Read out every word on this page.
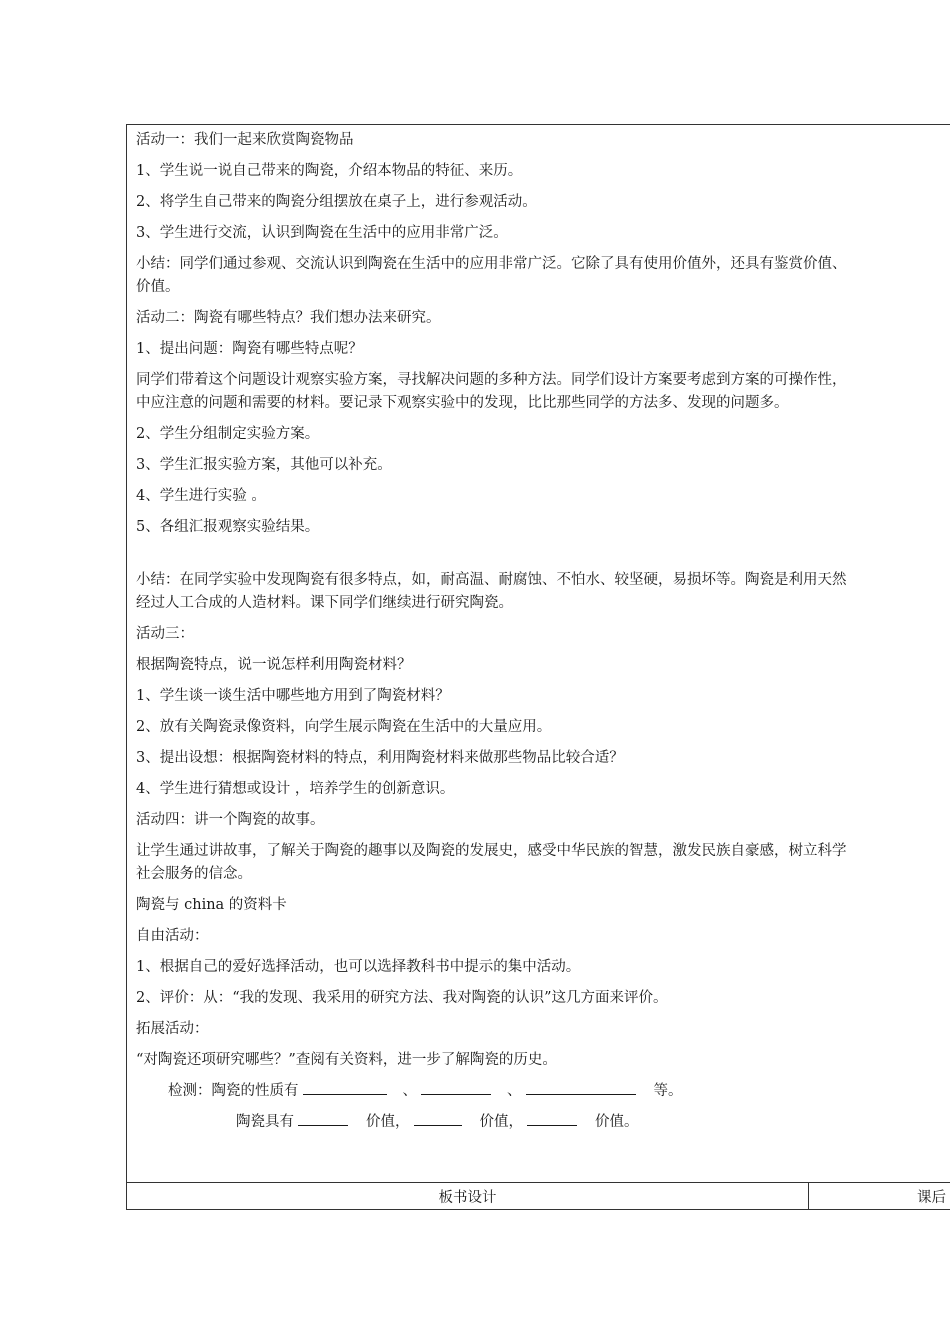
活动一：我们一起来欣赏陶瓷物品

1、学生说一说自己带来的陶瓷，介绍本物品的特征、来历。

2、将学生自己带来的陶瓷分组摆放在桌子上，进行参观活动。

3、学生进行交流，认识到陶瓷在生活中的应用非常广泛。

小结：同学们通过参观、交流认识到陶瓷在生活中的应用非常广泛。它除了具有使用价值外，还具有鉴赏价值、

价值。

活动二：陶瓷有哪些特点？我们想办法来研究。

1、提出问题：陶瓷有哪些特点呢？

同学们带着这个问题设计观察实验方案，寻找解决问题的多种方法。同学们设计方案要考虑到方案的可操作性，

中应注意的问题和需要的材料。要记录下观察实验中的发现，比比那些同学的方法多、发现的问题多。

2、学生分组制定实验方案。

3、学生汇报实验方案，其他可以补充。

4、学生进行实验 。

5、各组汇报观察实验结果。

小结：在同学实验中发现陶瓷有很多特点，如，耐高温、耐腐蚀、不怕水、较坚硬，易损坏等。陶瓷是利用天然

经过人工合成的人造材料。课下同学们继续进行研究陶瓷。

活动三：

根据陶瓷特点，说一说怎样利用陶瓷材料？

1、学生谈一谈生活中哪些地方用到了陶瓷材料？

2、放有关陶瓷录像资料，向学生展示陶瓷在生活中的大量应用。

3、提出设想：根据陶瓷材料的特点，利用陶瓷材料来做那些物品比较合适？

4、学生进行猜想或设计 ，培养学生的创新意识。

活动四：讲一个陶瓷的故事。

让学生通过讲故事，了解关于陶瓷的趣事以及陶瓷的发展史，感受中华民族的智慧，激发民族自豪感，树立科学

社会服务的信念。

陶瓷与 china 的资料卡

自由活动：

1、根据自己的爱好选择活动，也可以选择教科书中提示的集中活动。

2、评价：从：“我的发现、我采用的研究方法、我对陶瓷的认识”这几方面来评价。

拓展活动：

“对陶瓷还项研究哪些？”查阅有关资料，进一步了解陶瓷的历史。

检测：陶瓷的性质有	、	、	等。

陶瓷具有	价值，	价值，	价值。

板书设计	课后
